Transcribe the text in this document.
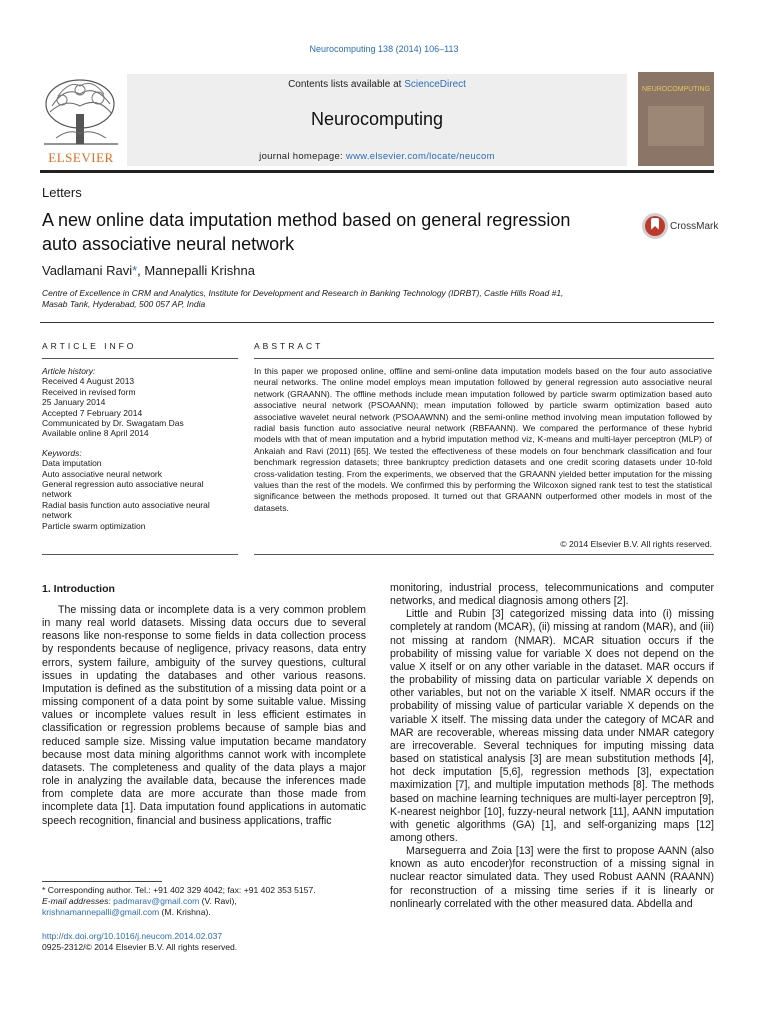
Neurocomputing 138 (2014) 106–113
ELSEVIER
Contents lists available at ScienceDirect
Neurocomputing
journal homepage: www.elsevier.com/locate/neucom
NEUROCOMPUTING
Letters
A new online data imputation method based on general regression
auto associative neural network
CrossMark
Vadlamani Ravi*, Mannepalli Krishna
Centre of Excellence in CRM and Analytics, Institute for Development and Research in Banking Technology (IDRBT), Castle Hills Road #1,
Masab Tank, Hyderabad, 500 057 AP, India
ARTICLE INFO
Article history:
Received 4 August 2013
Received in revised form
25 January 2014
Accepted 7 February 2014
Communicated by Dr. Swagatam Das
Available online 8 April 2014
Keywords:
Data imputation
Auto associative neural network
General regression auto associative neural
network
Radial basis function auto associative neural
network
Particle swarm optimization
ABSTRACT
In this paper we proposed online, offline and semi-online data imputation models based on the four auto associative neural networks. The online model employs mean imputation followed by general regression auto associative neural network (GRAANN). The offline methods include mean imputation followed by particle swarm optimization based auto associative neural network (PSOAANN); mean imputation followed by particle swarm optimization based auto associative wavelet neural network (PSOAAWNN) and the semi-online method involving mean imputation followed by radial basis function auto associative neural network (RBFAANN). We compared the performance of these hybrid models with that of mean imputation and a hybrid imputation method viz, K-means and multi-layer perceptron (MLP) of Ankaiah and Ravi (2011) [65]. We tested the effectiveness of these models on four benchmark classification and four benchmark regression datasets; three bankruptcy prediction datasets and one credit scoring datasets under 10-fold cross-validation testing. From the experiments, we observed that the GRAANN yielded better imputation for the missing values than the rest of the models. We confirmed this by performing the Wilcoxon signed rank test to test the statistical significance between the methods proposed. It turned out that GRAANN outperformed other models in most of the datasets.
© 2014 Elsevier B.V. All rights reserved.
1. Introduction

The missing data or incomplete data is a very common problem in many real world datasets. Missing data occurs due to several reasons like non-response to some fields in data collection process by respondents because of negligence, privacy reasons, data entry errors, system failure, ambiguity of the survey questions, cultural issues in updating the databases and other various reasons. Imputation is defined as the substitution of a missing data point or a missing component of a data point by some suitable value. Missing values or incomplete values result in less efficient estimates in classification or regression problems because of sample bias and reduced sample size. Missing value imputation became mandatory because most data mining algorithms cannot work with incomplete datasets. The completeness and quality of the data plays a major role in analyzing the available data, because the inferences made from complete data are more accurate than those made from incomplete data [1]. Data imputation found applications in automatic speech recognition, financial and business applications, traffic

monitoring, industrial process, telecommunications and computer networks, and medical diagnosis among others [2].

Little and Rubin [3] categorized missing data into (i) missing completely at random (MCAR), (ii) missing at random (MAR), and (iii) not missing at random (NMAR). MCAR situation occurs if the probability of missing value for variable X does not depend on the value X itself or on any other variable in the dataset. MAR occurs if the probability of missing data on particular variable X depends on other variables, but not on the variable X itself. NMAR occurs if the probability of missing value of particular variable X depends on the variable X itself. The missing data under the category of MCAR and MAR are recoverable, whereas missing data under NMAR category are irrecoverable. Several techniques for imputing missing data based on statistical analysis [3] are mean substitution methods [4], hot deck imputation [5,6], regression methods [3], expectation maximization [7], and multiple imputation methods [8]. The methods based on machine learning techniques are multi-layer perceptron [9], K-nearest neighbor [10], fuzzy-neural network [11], AANN imputation with genetic algorithms (GA) [1], and self-organizing maps [12] among others.

Marseguerra and Zoia [13] were the first to propose AANN (also known as auto encoder)for reconstruction of a missing signal in nuclear reactor simulated data. They used Robust AANN (RAANN) for reconstruction of a missing time series if it is linearly or nonlinearly correlated with the other measured data. Abdella and

* Corresponding author. Tel.: +91 402 329 4042; fax: +91 402 353 5157.
E-mail addresses: padmarav@gmail.com (V. Ravi),
krishnamannepalli@gmail.com (M. Krishna).
http://dx.doi.org/10.1016/j.neucom.2014.02.037
0925-2312/© 2014 Elsevier B.V. All rights reserved.
